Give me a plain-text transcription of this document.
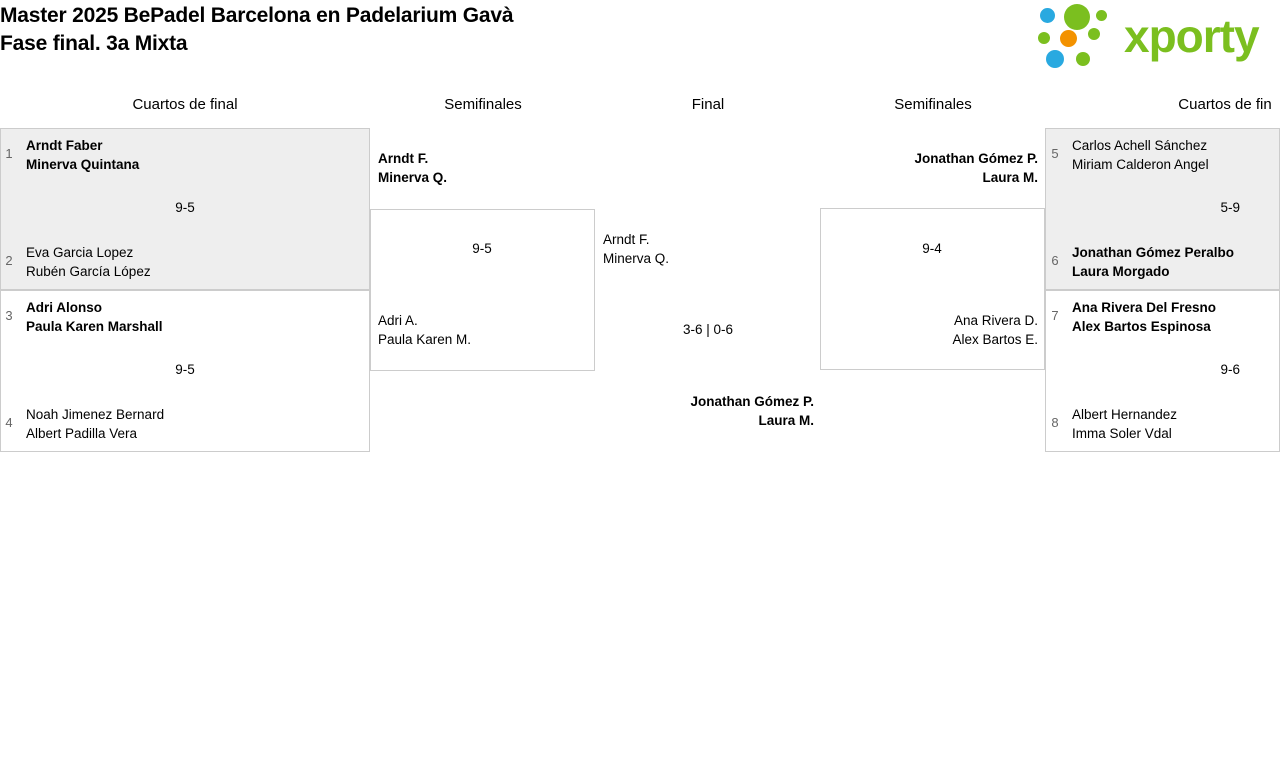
Master 2025 BePadel Barcelona en Padelarium Gavà
Fase final. 3a Mixta	xporty
Cuartos de final	Semifinales	Final	Semifinales	Cuartos de fin
1
Arndt Faber
Minerva Quintana
9-5
2
Eva Garcia Lopez
Rubén García López
3
Adri Alonso
Paula Karen Marshall
9-5
4
Noah Jimenez Bernard
Albert Padilla Vera
Arndt F.
Minerva Q.
9-5
Adri A.
Paula Karen M.
Arndt F.
Minerva Q.
3-6 | 0-6
Jonathan Gómez P.
Laura M.
Jonathan Gómez P.
Laura M.
9-4
Ana Rivera D.
Alex Bartos E.
5
Carlos Achell Sánchez
Miriam Calderon Angel
5-9
6
Jonathan Gómez Peralbo
Laura Morgado
7
Ana Rivera Del Fresno
Alex Bartos Espinosa
9-6
8
Albert Hernandez
Imma Soler Vdal
